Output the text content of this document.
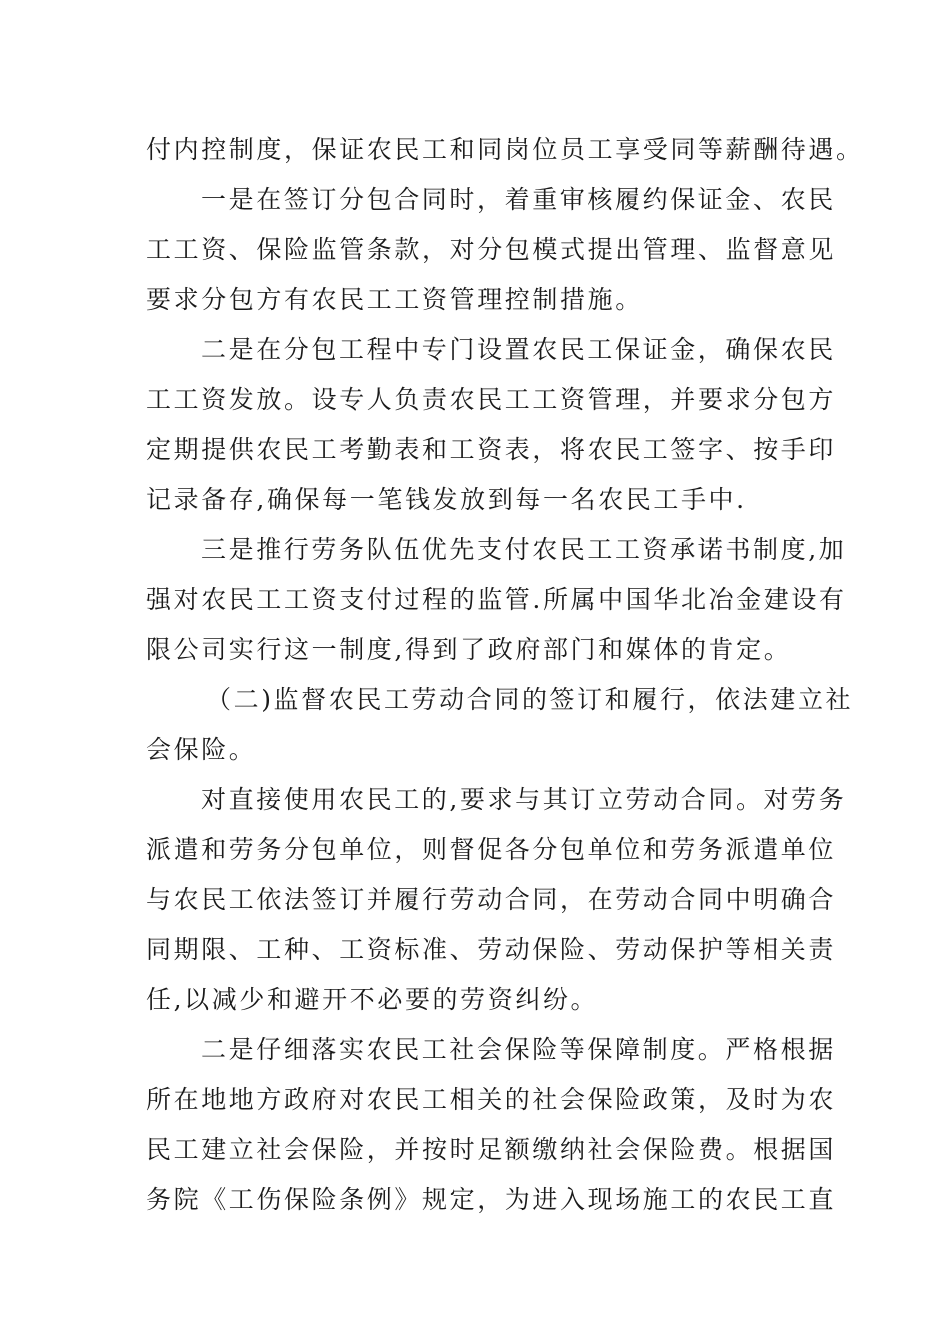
付内控制度，保证农民工和同岗位员工享受同等薪酬待遇。
一是在签订分包合同时，着重审核履约保证金、农民
工工资、保险监管条款，对分包模式提出管理、监督意见
要求分包方有农民工工资管理控制措施。
二是在分包工程中专门设置农民工保证金，确保农民
工工资发放。设专人负责农民工工资管理，并要求分包方
定期提供农民工考勤表和工资表，将农民工签字、按手印
记录备存,确保每一笔钱发放到每一名农民工手中.
三是推行劳务队伍优先支付农民工工资承诺书制度,加
强对农民工工资支付过程的监管.所属中国华北冶金建设有
限公司实行这一制度,得到了政府部门和媒体的肯定。
（二)监督农民工劳动合同的签订和履行，依法建立社
会保险。
对直接使用农民工的,要求与其订立劳动合同。对劳务
派遣和劳务分包单位，则督促各分包单位和劳务派遣单位
与农民工依法签订并履行劳动合同，在劳动合同中明确合
同期限、工种、工资标准、劳动保险、劳动保护等相关责
任,以减少和避开不必要的劳资纠纷。
二是仔细落实农民工社会保险等保障制度。严格根据
所在地地方政府对农民工相关的社会保险政策，及时为农
民工建立社会保险，并按时足额缴纳社会保险费。根据国
务院《工伤保险条例》规定，为进入现场施工的农民工直
